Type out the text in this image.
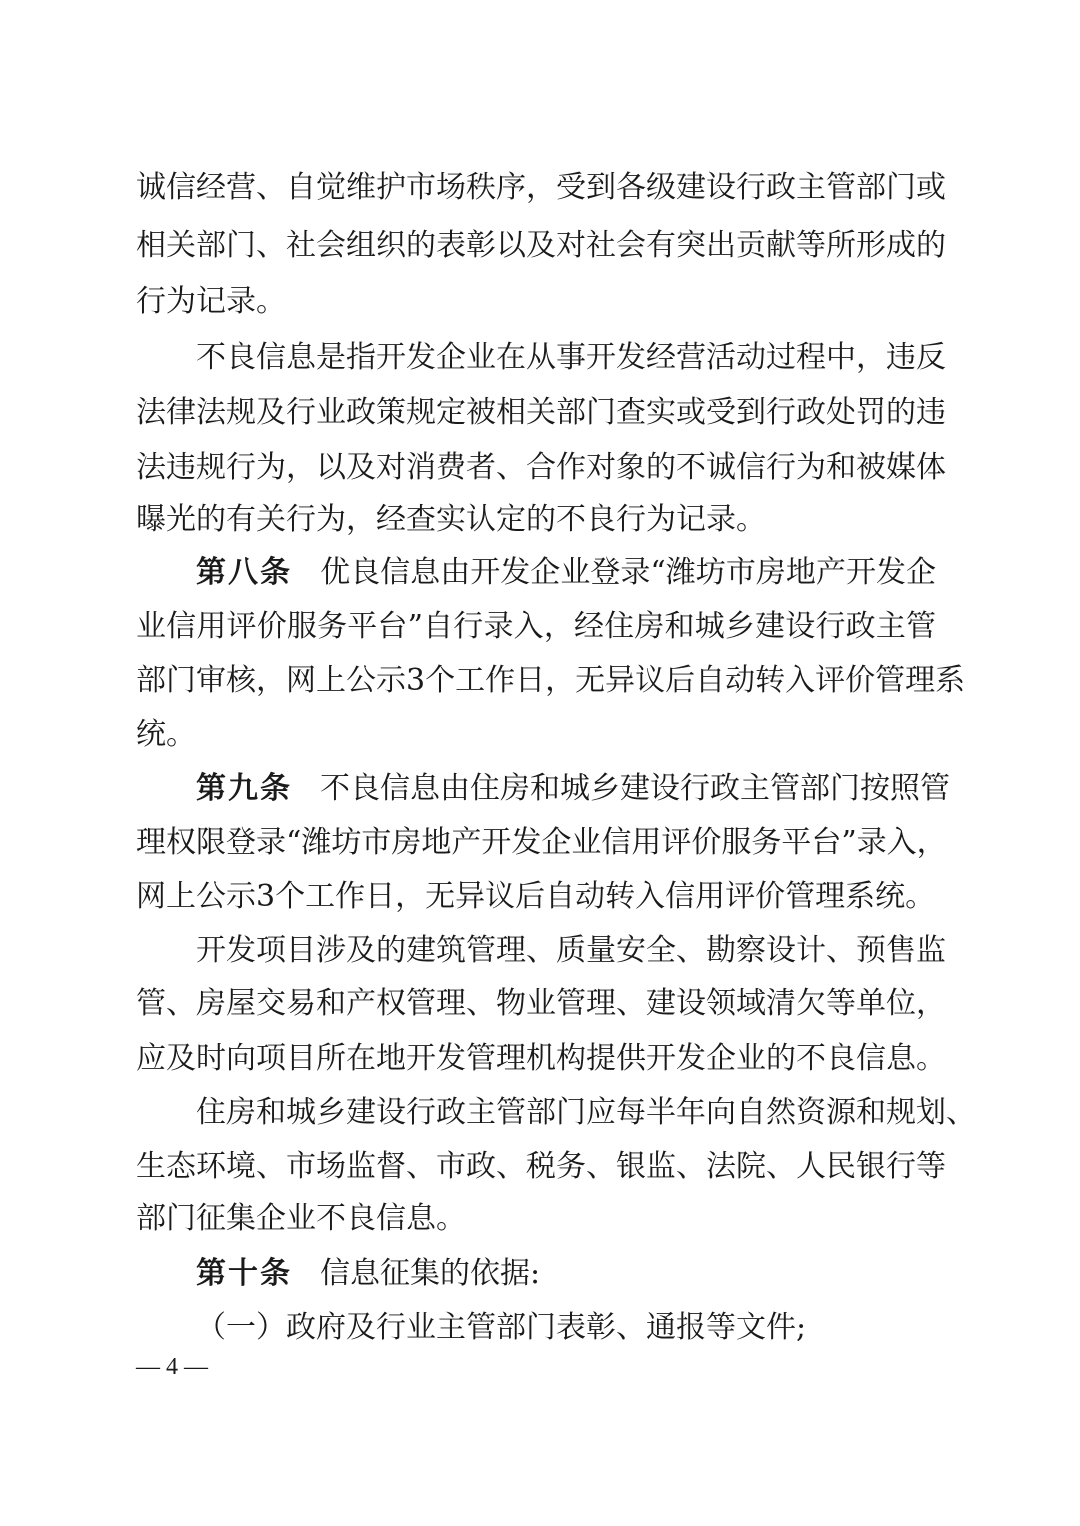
诚信经营、自觉维护市场秩序，受到各级建设行政主管部门或
相关部门、社会组织的表彰以及对社会有突出贡献等所形成的
行为记录。
不良信息是指开发企业在从事开发经营活动过程中，违反
法律法规及行业政策规定被相关部门查实或受到行政处罚的违
法违规行为，以及对消费者、合作对象的不诚信行为和被媒体
曝光的有关行为，经查实认定的不良行为记录。
第八条 优良信息由开发企业登录“潍坊市房地产开发企
业信用评价服务平台”自行录入，经住房和城乡建设行政主管
部门审核，网上公示3个工作日，无异议后自动转入评价管理系
统。
第九条 不良信息由住房和城乡建设行政主管部门按照管
理权限登录“潍坊市房地产开发企业信用评价服务平台”录入，
网上公示3个工作日，无异议后自动转入信用评价管理系统。
开发项目涉及的建筑管理、质量安全、勘察设计、预售监
管、房屋交易和产权管理、物业管理、建设领域清欠等单位，
应及时向项目所在地开发管理机构提供开发企业的不良信息。
住房和城乡建设行政主管部门应每半年向自然资源和规划、
生态环境、市场监督、市政、税务、银监、法院、人民银行等
部门征集企业不良信息。
第十条 信息征集的依据:
（一）政府及行业主管部门表彰、通报等文件;
— 4 —
